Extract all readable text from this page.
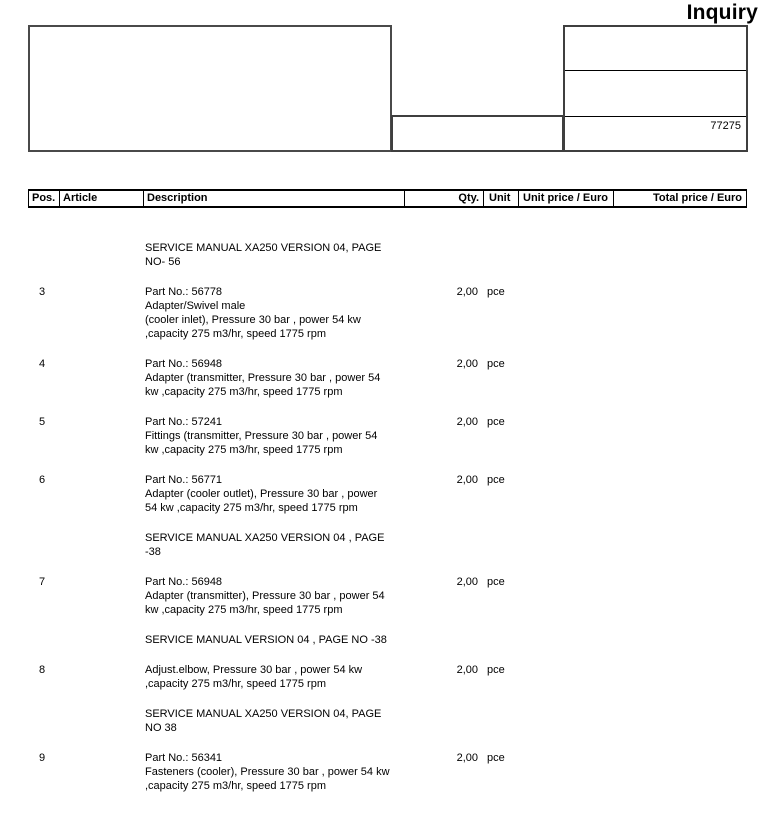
Inquiry
77275
Pos. Article	Description	Qty. Unit	Unit price / Euro	Total price / Euro
SERVICE MANUAL XA250 VERSION 04, PAGE
NO- 56
3	Part No.: 56778
Adapter/Swivel male
(cooler inlet), Pressure 30 bar , power 54 kw
,capacity 275 m3/hr, speed 1775 rpm
2,00 pce
4	Part No.: 56948
Adapter (transmitter, Pressure 30 bar , power 54
kw ,capacity 275 m3/hr, speed 1775 rpm
2,00 pce
5	Part No.: 57241
Fittings (transmitter, Pressure 30 bar , power 54
kw ,capacity 275 m3/hr, speed 1775 rpm
2,00 pce
6	Part No.: 56771
Adapter (cooler outlet), Pressure 30 bar , power
54 kw ,capacity 275 m3/hr, speed 1775 rpm
2,00 pce
SERVICE MANUAL XA250 VERSION 04 , PAGE
-38
7	Part No.: 56948
Adapter (transmitter), Pressure 30 bar , power 54
kw ,capacity 275 m3/hr, speed 1775 rpm
2,00 pce
SERVICE MANUAL VERSION 04 , PAGE NO -38
8	Adjust.elbow, Pressure 30 bar , power 54 kw
,capacity 275 m3/hr, speed 1775 rpm
2,00 pce
SERVICE MANUAL XA250 VERSION 04, PAGE
NO 38
9	Part No.: 56341
Fasteners (cooler), Pressure 30 bar , power 54 kw
,capacity 275 m3/hr, speed 1775 rpm
2,00 pce
